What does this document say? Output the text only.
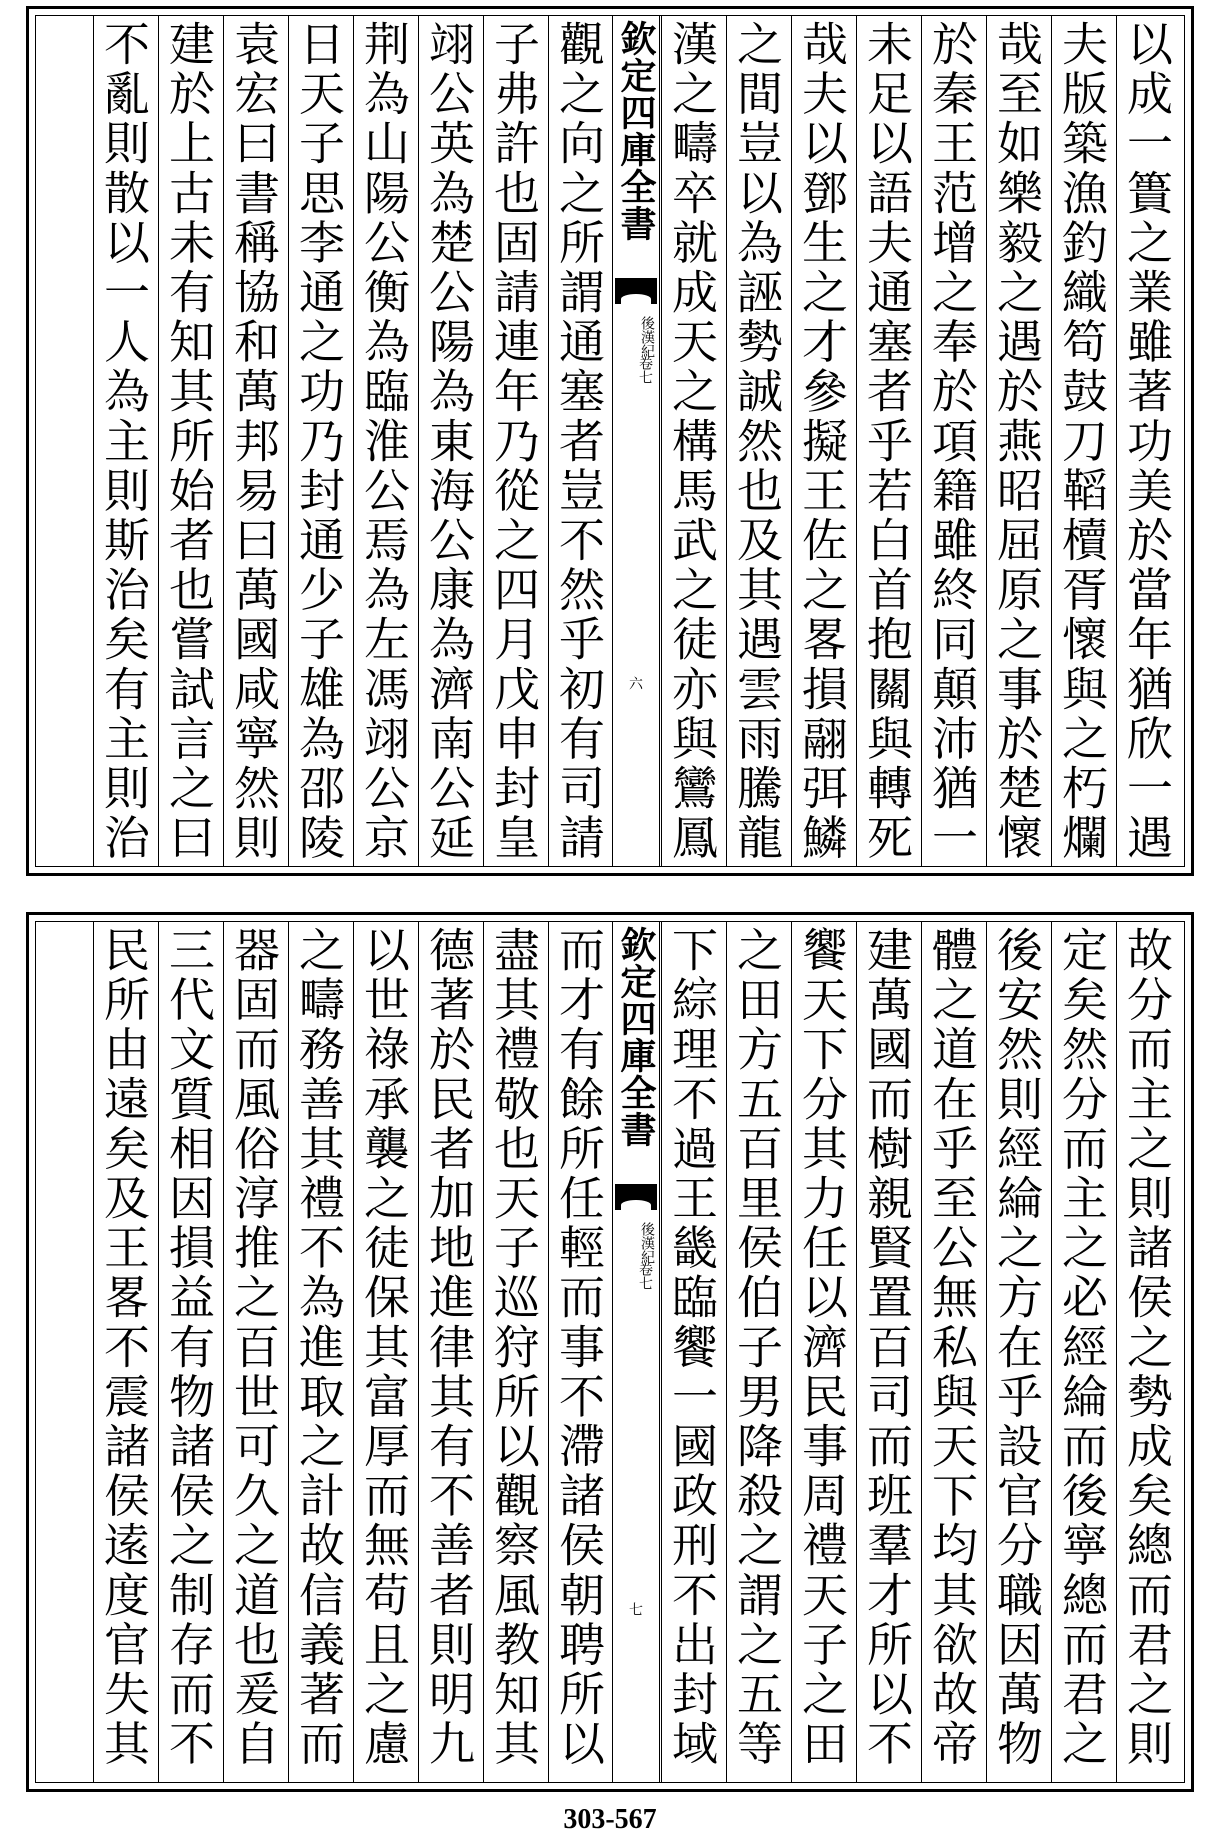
以成一簣之業雖著功美於當年猶欣一遇
夫版築漁釣織笱鼓刀鞱櫝胥懷與之朽爛
哉至如樂毅之遇於燕昭屈原之事於楚懷
於秦王范增之奉於項籍雖終同顛沛猶一
未足以語夫通塞者乎若白首抱關與轉死
哉夫以鄧生之才參擬王佐之畧損翮弭鱗
之間豈以為誣勢誠然也及其遇雲雨騰龍
漢之疇卒就成天之構馬武之徒亦與鸞鳳
欽定四庫全書
後漢紀
卷七
六
觀之向之所謂通塞者豈不然乎初有司請
子弗許也固請連年乃從之四月戊申封皇
翊公英為楚公陽為東海公康為濟南公延
荆為山陽公衡為臨淮公焉為左馮翊公京
日天子思李通之功乃封通少子雄為邵陵
袁宏曰書稱協和萬邦易曰萬國咸寧然則
建於上古未有知其所始者也嘗試言之曰
不亂則散以一人為主則斯治矣有主則治
故分而主之則諸侯之勢成矣總而君之則
定矣然分而主之必經綸而後寧總而君之
後安然則經綸之方在乎設官分職因萬物
體之道在乎至公無私與天下均其欲故帝
建萬國而樹親賢置百司而班羣才所以不
饗天下分其力任以濟民事周禮天子之田
之田方五百里侯伯子男降殺之謂之五等
下綜理不過王畿臨饗一國政刑不出封域
欽定四庫全書
後漢紀
卷七
七
而才有餘所任輕而事不滯諸侯朝聘所以
盡其禮敬也天子巡狩所以觀察風教知其
德著於民者加地進律其有不善者則明九
以世祿承襲之徒保其富厚而無苟且之慮
之疇務善其禮不為進取之計故信義著而
器固而風俗淳推之百世可久之道也爰自
三代文質相因損益有物諸侯之制存而不
民所由遠矣及王畧不震諸侯逺度官失其
303-567
